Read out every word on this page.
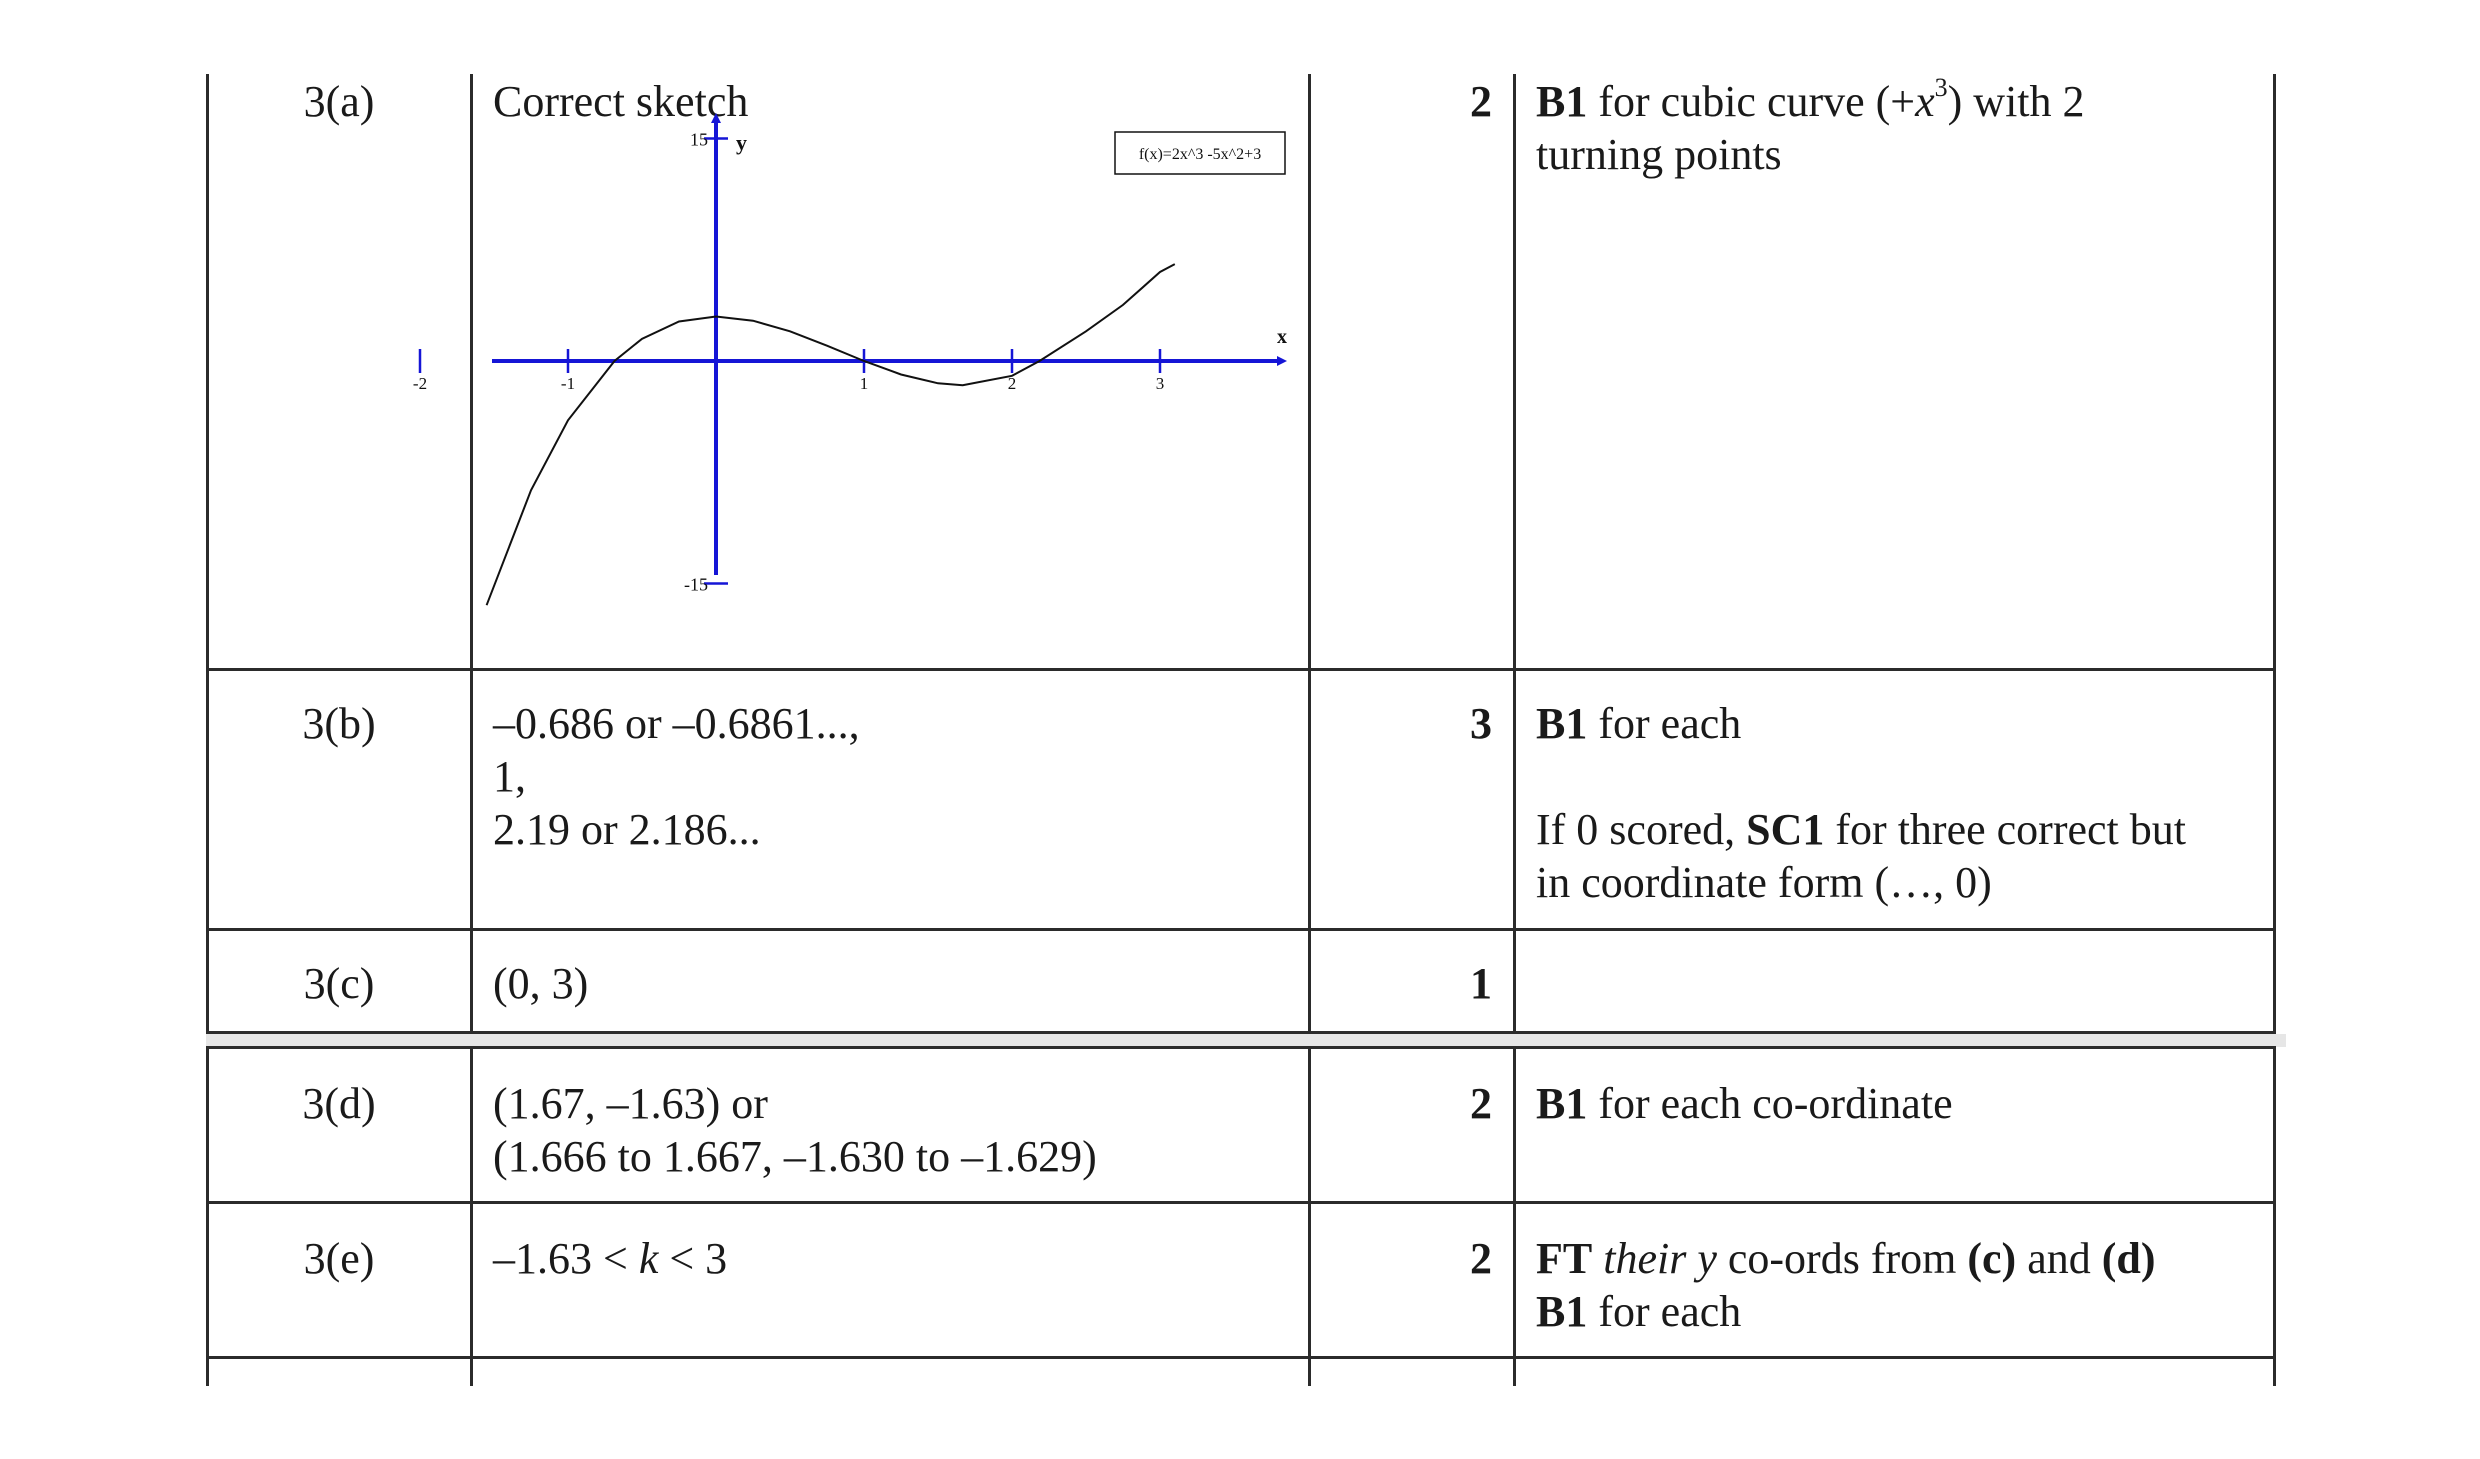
3(a)	Correct sketch	2 B1 for cubic curve $(+x^3)$ with 2
turning points
-2	-1	1	2	3
x
y
15
-15
f(x)=2x^3 -5x^2+3
3(b)	–0.686 or –0.6861...,
1,
2.19 or 2.186...
3 B1 for each
If 0 scored, SC1 for three correct but
in coordinate form (…, 0)
3(c)	(0, 3)	1
3(d)	(1.67, –1.63) or
(1.666 to 1.667, –1.630 to –1.629)
2 B1 for each co-ordinate
3(e)	–1.63 < k < 3	2 FT their y co-ords from (c) and (d)
B1 for each
